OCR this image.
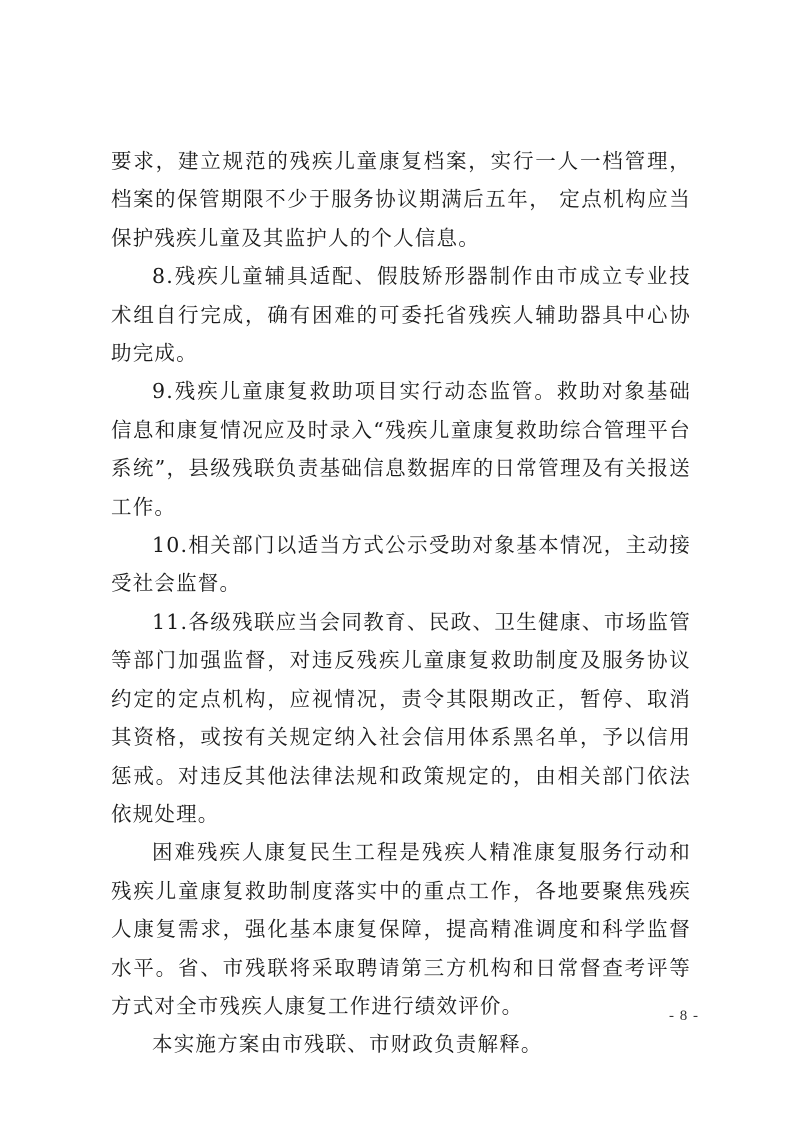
要求，建立规范的残疾儿童康复档案，实行一人一档管理，档案的保管期限不少于服务协议期满后五年， 定点机构应当保护残疾儿童及其监护人的个人信息。

8.残疾儿童辅具适配、假肢矫形器制作由市成立专业技术组自行完成，确有困难的可委托省残疾人辅助器具中心协助完成。

9.残疾儿童康复救助项目实行动态监管。救助对象基础信息和康复情况应及时录入“残疾儿童康复救助综合管理平台系统”，县级残联负责基础信息数据库的日常管理及有关报送工作。

10.相关部门以适当方式公示受助对象基本情况，主动接受社会监督。

11.各级残联应当会同教育、民政、卫生健康、市场监管等部门加强监督，对违反残疾儿童康复救助制度及服务协议约定的定点机构，应视情况，责令其限期改正，暂停、取消其资格，或按有关规定纳入社会信用体系黑名单，予以信用惩戒。对违反其他法律法规和政策规定的，由相关部门依法依规处理。

困难残疾人康复民生工程是残疾人精准康复服务行动和残疾儿童康复救助制度落实中的重点工作，各地要聚焦残疾人康复需求，强化基本康复保障，提高精准调度和科学监督水平。省、市残联将采取聘请第三方机构和日常督查考评等方式对全市残疾人康复工作进行绩效评价。

本实施方案由市残联、市财政负责解释。

- 8 -
